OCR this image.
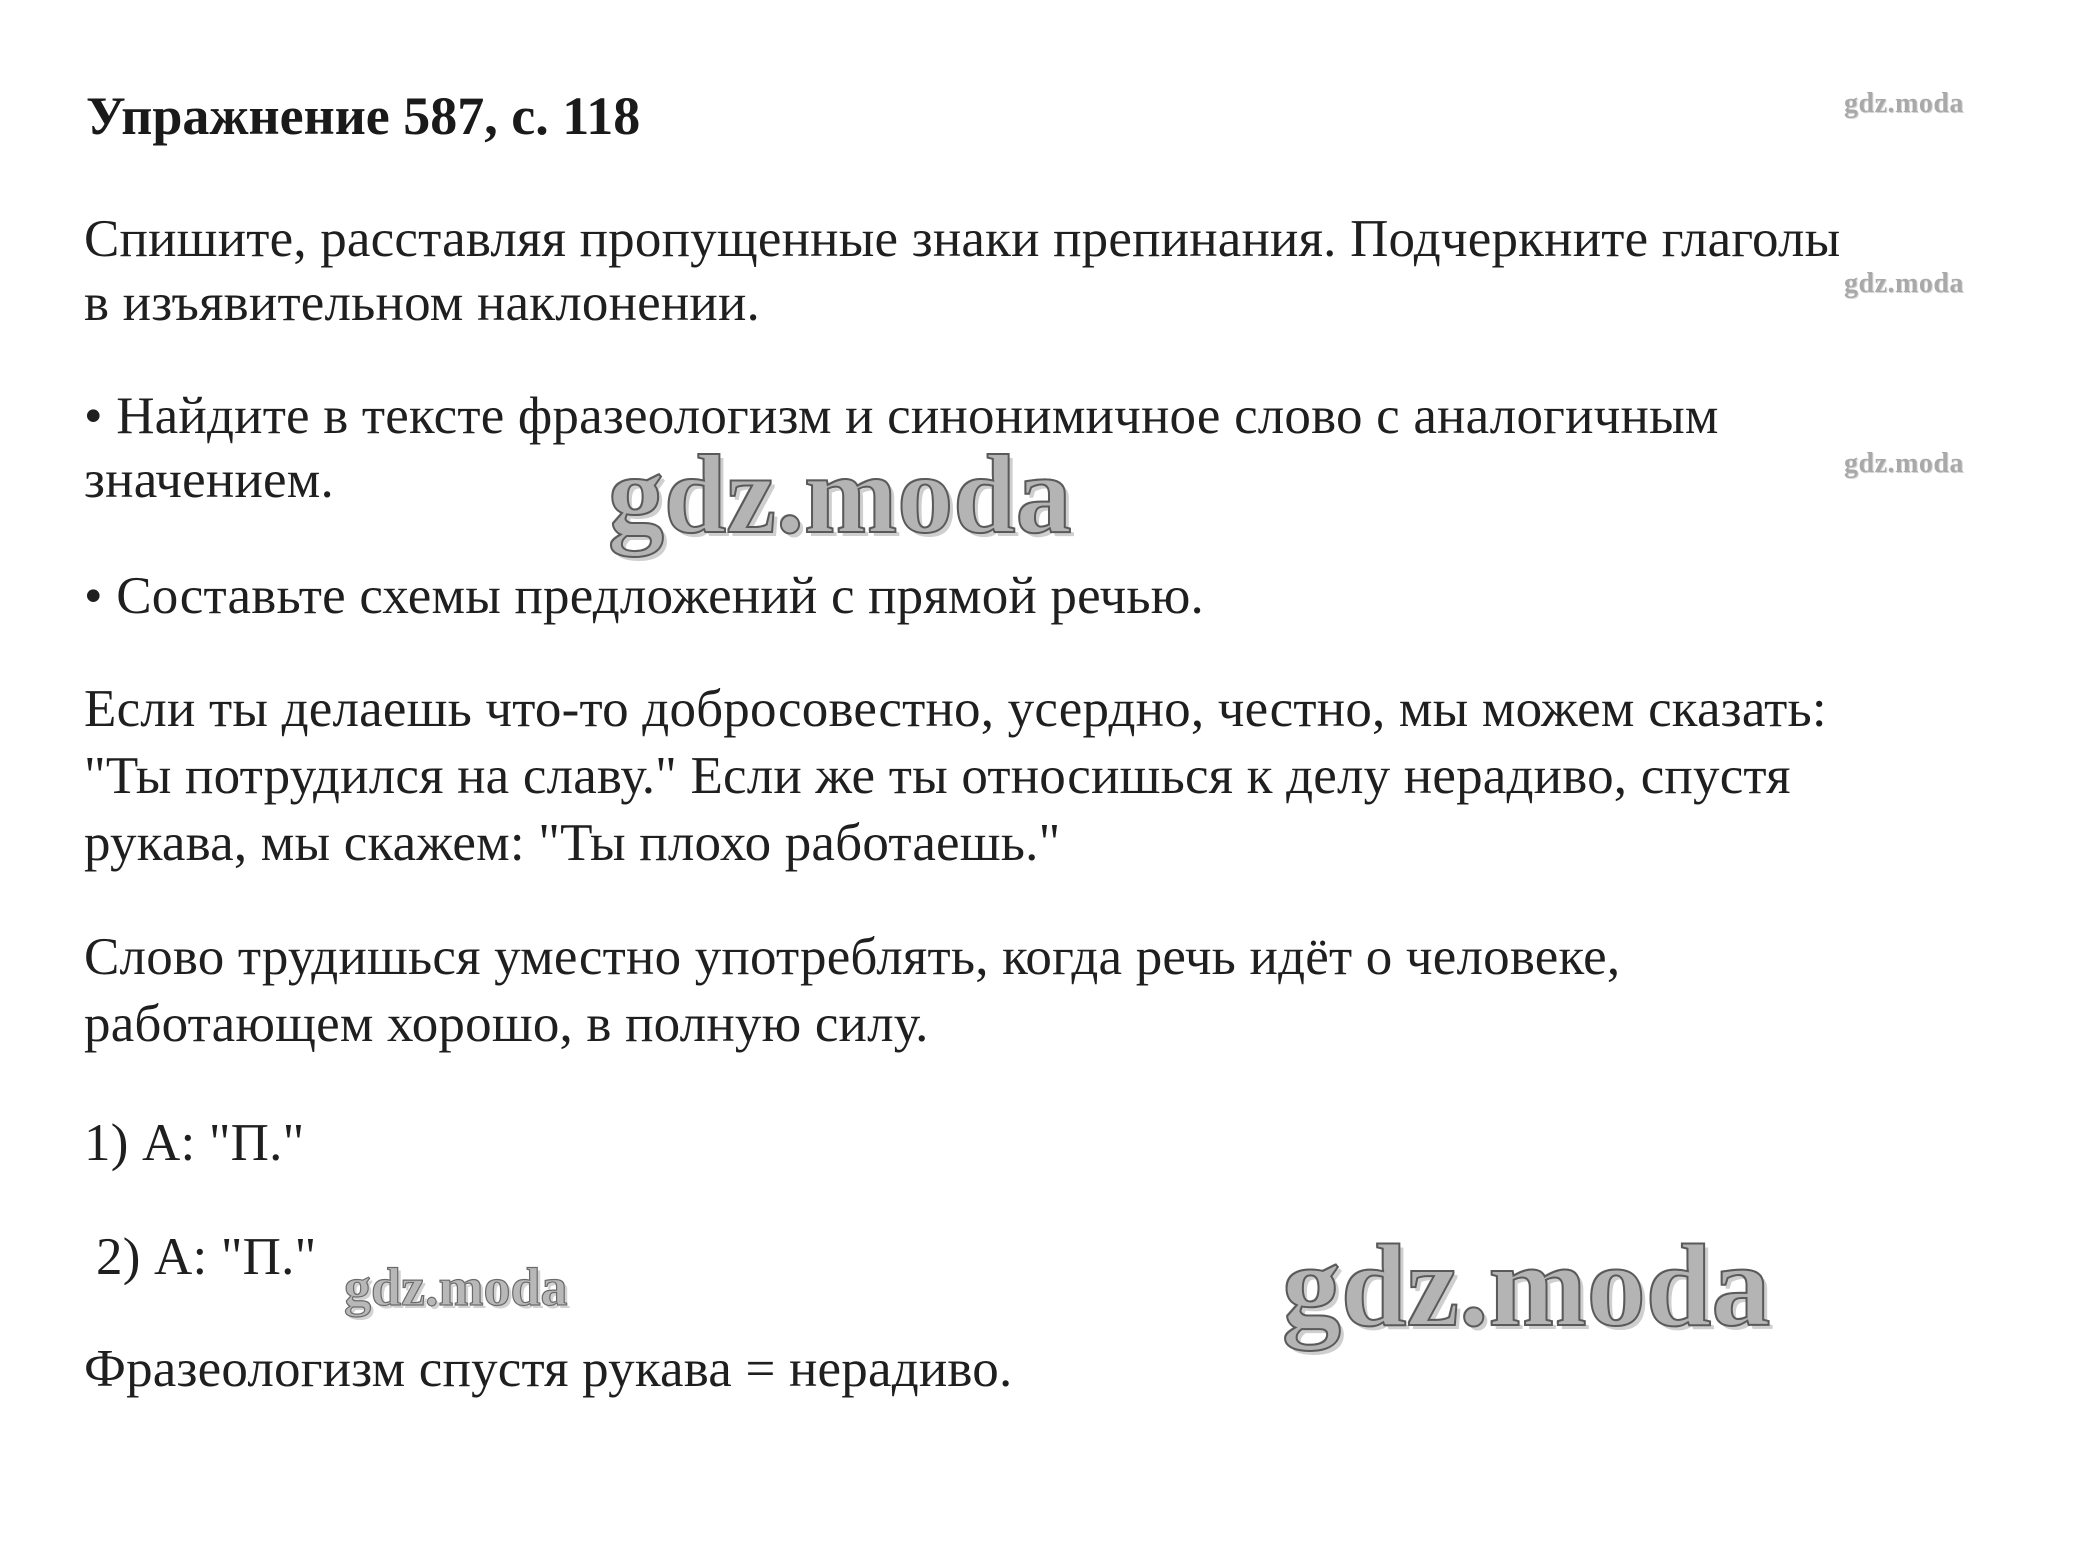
Упражнение 587, с. 118
Спишите, расставляя пропущенные знаки препинания. Подчеркните глаголы
в изъявительном наклонении.
• Найдите в тексте фразеологизм и синонимичное слово с аналогичным
значением.
• Составьте схемы предложений с прямой речью.
Если ты делаешь что-то добросовестно, усердно, честно, мы можем сказать:
"Ты потрудился на славу." Если же ты относишься к делу нерадиво, спустя
рукава, мы скажем: "Ты плохо работаешь."
Слово трудишься уместно употреблять, когда речь идёт о человеке,
работающем хорошо, в полную силу.
1) А: "П."
2) А: "П."
Фразеологизм спустя рукава = нерадиво.
gdz.moda
gdz.moda
gdz.moda
gdz.moda
gdz.moda
gdz.moda
